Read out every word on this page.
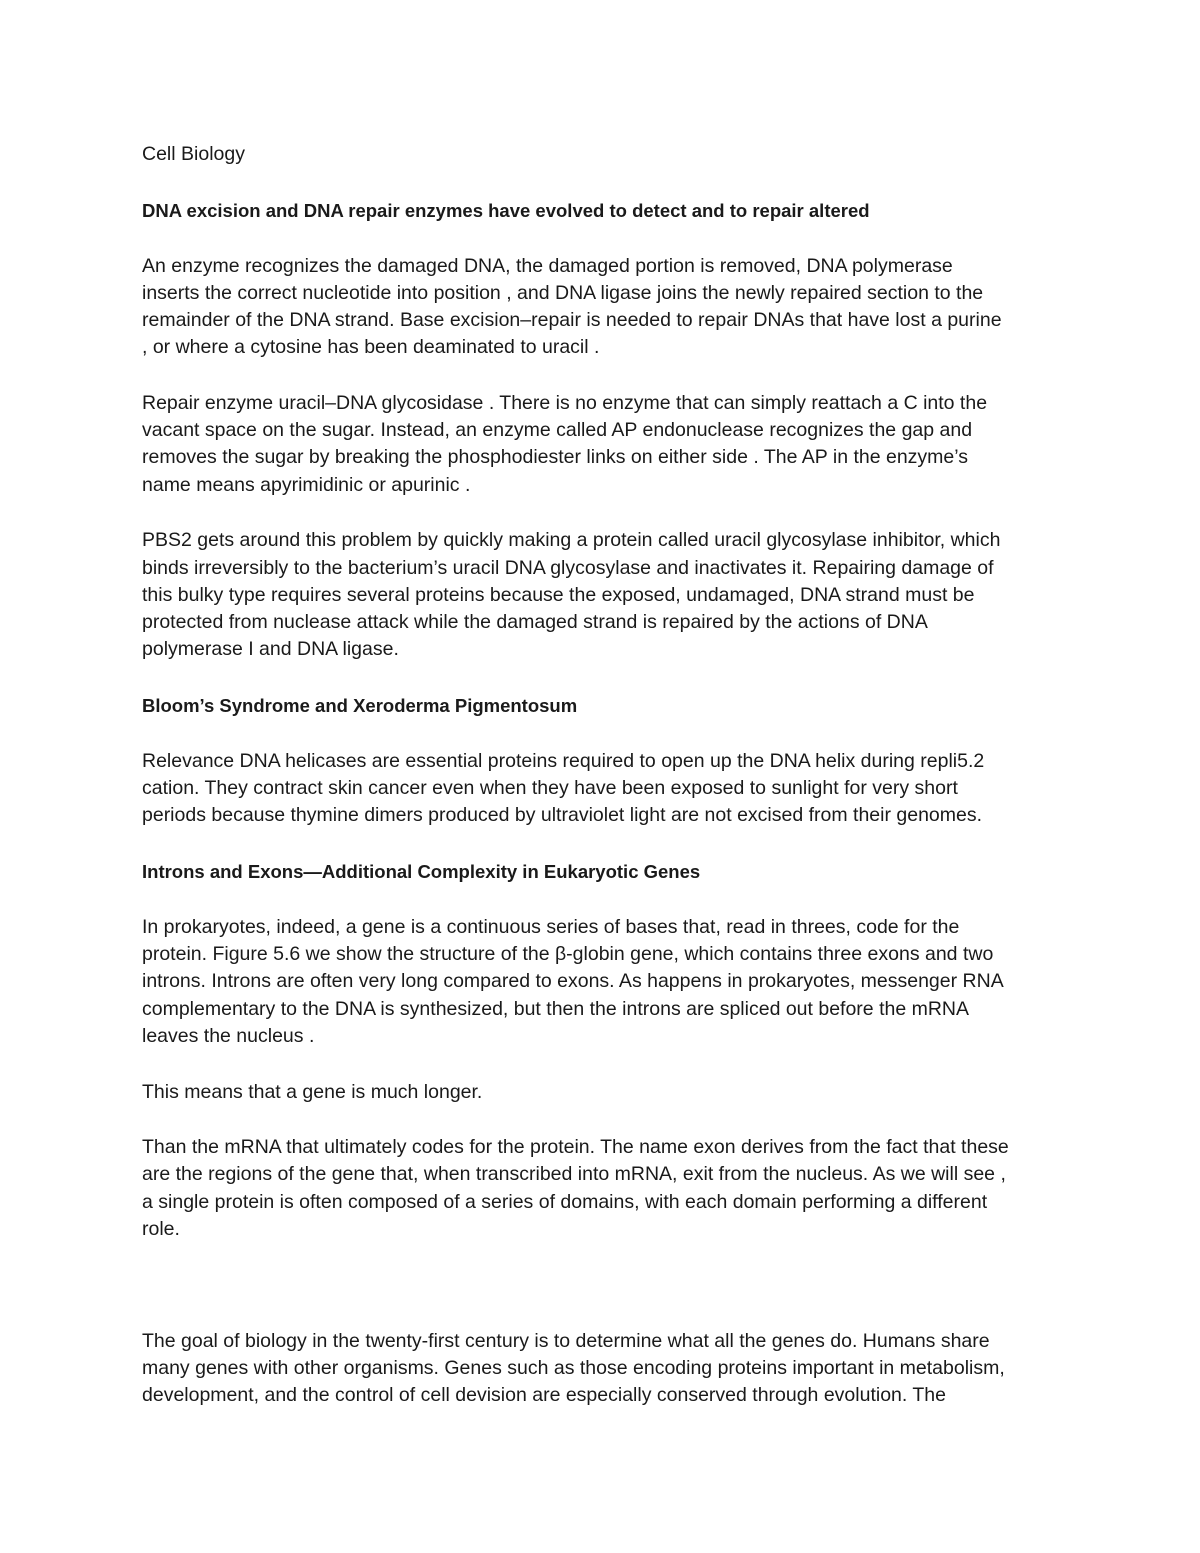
Cell Biology

DNA excision and DNA repair enzymes have evolved to detect and to repair altered

An enzyme recognizes the damaged DNA, the damaged portion is removed, DNA polymerase

inserts the correct nucleotide into position , and DNA ligase joins the newly repaired section to the

remainder of the DNA strand. Base excision–repair is needed to repair DNAs that have lost a purine

, or where a cytosine has been deaminated to uracil .

Repair enzyme uracil–DNA glycosidase . There is no enzyme that can simply reattach a C into the

vacant space on the sugar. Instead, an enzyme called AP endonuclease recognizes the gap and

removes the sugar by breaking the phosphodiester links on either side . The AP in the enzyme’s

name means apyrimidinic or apurinic .

PBS2 gets around this problem by quickly making a protein called uracil glycosylase inhibitor, which

binds irreversibly to the bacterium’s uracil DNA glycosylase and inactivates it. Repairing damage of

this bulky type requires several proteins because the exposed, undamaged, DNA strand must be

protected from nuclease attack while the damaged strand is repaired by the actions of DNA

polymerase I and DNA ligase.

Bloom’s Syndrome and Xeroderma Pigmentosum

Relevance DNA helicases are essential proteins required to open up the DNA helix during repli5.2

cation. They contract skin cancer even when they have been exposed to sunlight for very short

periods because thymine dimers produced by ultraviolet light are not excised from their genomes.

Introns and Exons—Additional Complexity in Eukaryotic Genes

In prokaryotes, indeed, a gene is a continuous series of bases that, read in threes, code for the

protein. Figure 5.6 we show the structure of the β-globin gene, which contains three exons and two

introns. Introns are often very long compared to exons. As happens in prokaryotes, messenger RNA

complementary to the DNA is synthesized, but then the introns are spliced out before the mRNA

leaves the nucleus .

This means that a gene is much longer.

Than the mRNA that ultimately codes for the protein. The name exon derives from the fact that these

are the regions of the gene that, when transcribed into mRNA, exit from the nucleus. As we will see ,

a single protein is often composed of a series of domains, with each domain performing a different

role.

The goal of biology in the twenty-first century is to determine what all the genes do. Humans share

many genes with other organisms. Genes such as those encoding proteins important in metabolism,

development, and the control of cell devision are especially conserved through evolution. The
